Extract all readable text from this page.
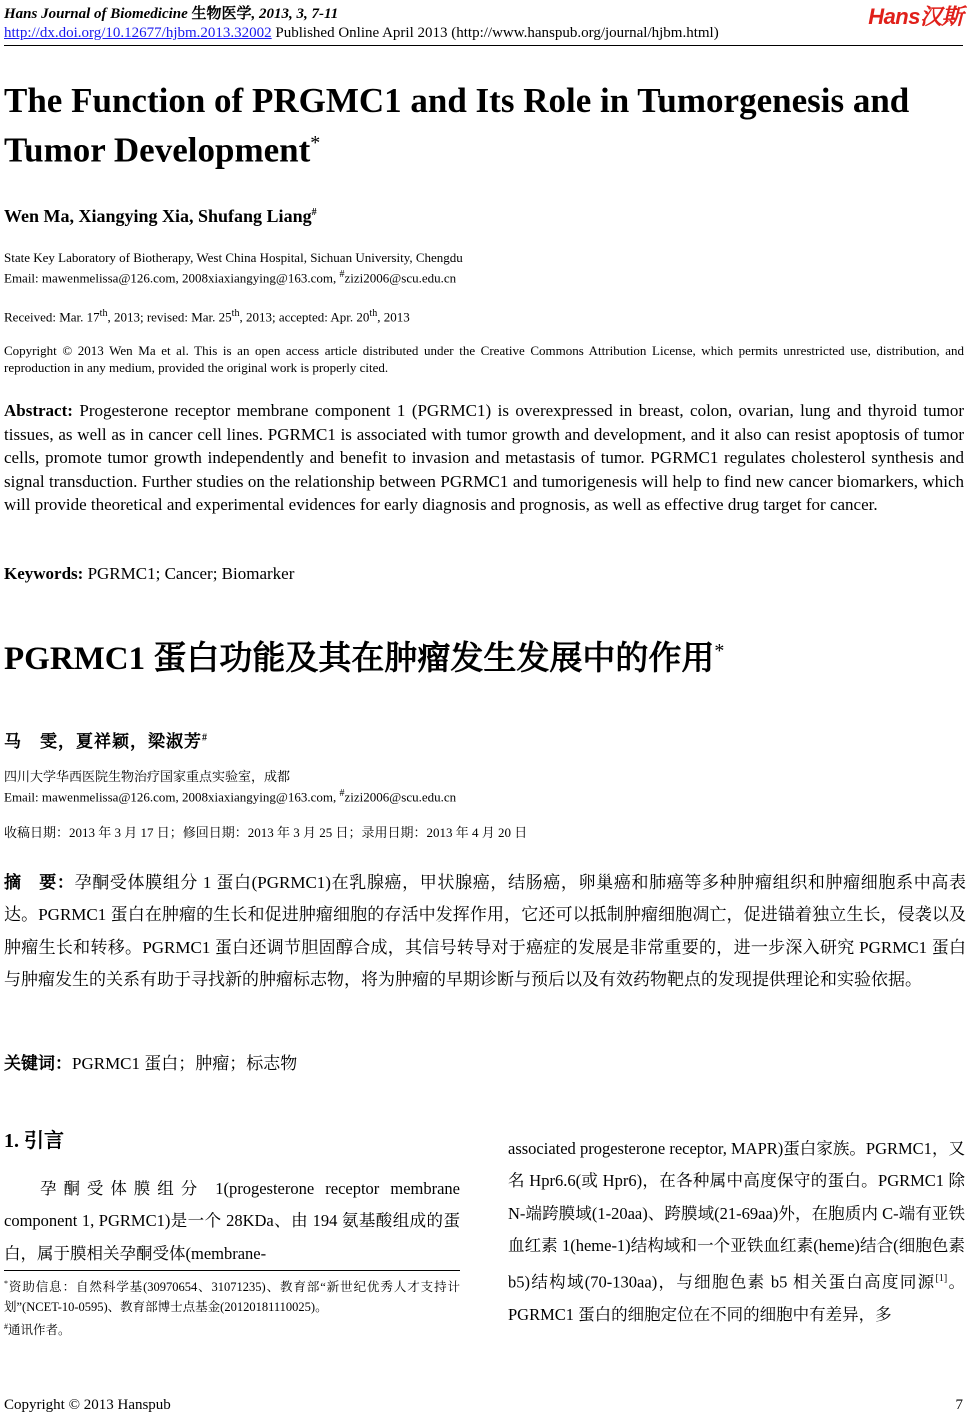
Hans Journal of Biomedicine 生物医学, 2013, 3, 7-11	Hans汉斯
http://dx.doi.org/10.12677/hjbm.2013.32002 Published Online April 2013 (http://www.hanspub.org/journal/hjbm.html)
The Function of PRGMC1 and Its Role in Tumorgenesis and Tumor Development*
Wen Ma, Xiangying Xia, Shufang Liang#
State Key Laboratory of Biotherapy, West China Hospital, Sichuan University, Chengdu
Email: mawenmelissa@126.com, 2008xiaxiangying@163.com, #zizi2006@scu.edu.cn
Received: Mar. 17th, 2013; revised: Mar. 25th, 2013; accepted: Apr. 20th, 2013
Copyright © 2013 Wen Ma et al. This is an open access article distributed under the Creative Commons Attribution License, which permits unrestricted use, distribution, and reproduction in any medium, provided the original work is properly cited.
Abstract: Progesterone receptor membrane component 1 (PGRMC1) is overexpressed in breast, colon, ovarian, lung and thyroid tumor tissues, as well as in cancer cell lines. PGRMC1 is associated with tumor growth and development, and it also can resist apoptosis of tumor cells, promote tumor growth independently and benefit to invasion and metastasis of tumor. PGRMC1 regulates cholesterol synthesis and signal transduction. Further studies on the relationship between PGRMC1 and tumorigenesis will help to find new cancer biomarkers, which will provide theoretical and experimental evidences for early diagnosis and prognosis, as well as effective drug target for cancer.
Keywords: PGRMC1; Cancer; Biomarker
PGRMC1 蛋白功能及其在肿瘤发生发展中的作用*
马　雯，夏祥颖，梁淑芳#
四川大学华西医院生物治疗国家重点实验室，成都
Email: mawenmelissa@126.com, 2008xiaxiangying@163.com, #zizi2006@scu.edu.cn
收稿日期：2013 年 3 月 17 日；修回日期：2013 年 3 月 25 日；录用日期：2013 年 4 月 20 日
摘　要：孕酮受体膜组分 1 蛋白(PGRMC1)在乳腺癌，甲状腺癌，结肠癌，卵巢癌和肺癌等多种肿瘤组织和肿瘤细胞系中高表达。PGRMC1 蛋白在肿瘤的生长和促进肿瘤细胞的存活中发挥作用，它还可以抵制肿瘤细胞凋亡，促进锚着独立生长，侵袭以及肿瘤生长和转移。PGRMC1 蛋白还调节胆固醇合成，其信号转导对于癌症的发展是非常重要的，进一步深入研究 PGRMC1 蛋白与肿瘤发生的关系有助于寻找新的肿瘤标志物，将为肿瘤的早期诊断与预后以及有效药物靶点的发现提供理论和实验依据。
关键词：PGRMC1 蛋白；肿瘤；标志物
1. 引言
孕酮受体膜组分 1(progesterone receptor membrane component 1, PGRMC1)是一个 28KDa、由 194 氨基酸组成的蛋白，属于膜相关孕酮受体(membrane-
associated progesterone receptor, MAPR)蛋白家族。PGRMC1，又名 Hpr6.6(或 Hpr6)，在各种属中高度保守的蛋白。PGRMC1 除 N-端跨膜域(1-20aa)、跨膜域(21-69aa)外，在胞质内 C-端有亚铁血红素 1(heme-1)结构域和一个亚铁血红素(heme)结合(细胞色素 b5)结构域(70-130aa)，与细胞色素 b5 相关蛋白高度同源[1]。PGRMC1 蛋白的细胞定位在不同的细胞中有差异，多
*资助信息：自然科学基(30970654、31071235)、教育部“新世纪优秀人才支持计划”(NCET-10-0595)、教育部博士点基金(20120181110025)。
#通讯作者。
Copyright © 2013 Hanspub	7
